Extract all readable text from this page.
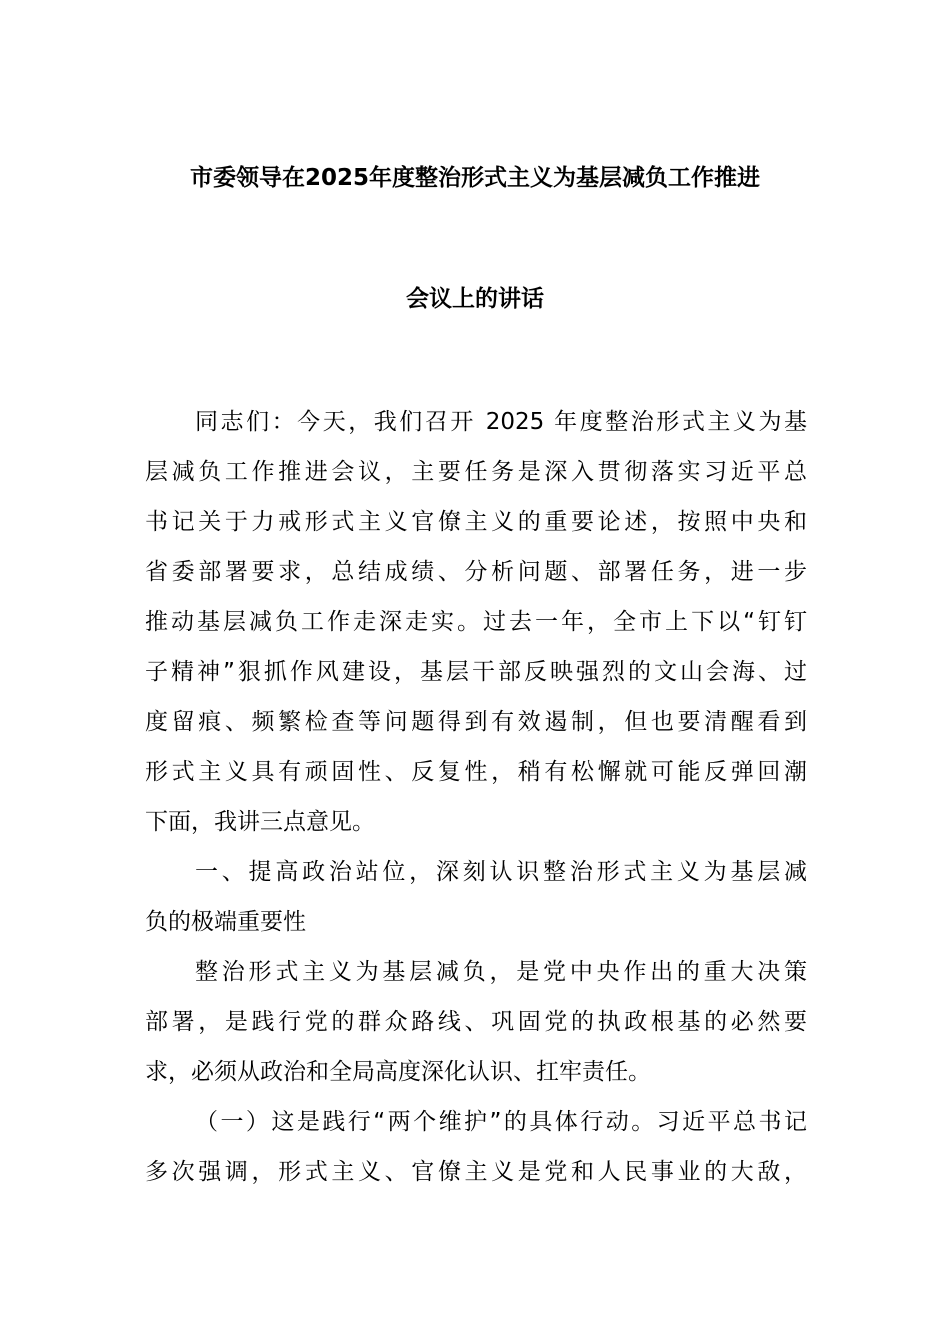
市委领导在2025年度整治形式主义为基层减负工作推进
会议上的讲话
同志们：今天，我们召开 2025 年度整治形式主义为基
层减负工作推进会议，主要任务是深入贯彻落实习近平总
书记关于力戒形式主义官僚主义的重要论述，按照中央和
省委部署要求，总结成绩、分析问题、部署任务，进一步
推动基层减负工作走深走实。过去一年，全市上下以“钉钉
子精神”狠抓作风建设，基层干部反映强烈的文山会海、过
度留痕、频繁检查等问题得到有效遏制，但也要清醒看到
形式主义具有顽固性、反复性，稍有松懈就可能反弹回潮
下面，我讲三点意见。
一、提高政治站位，深刻认识整治形式主义为基层减
负的极端重要性
整治形式主义为基层减负，是党中央作出的重大决策
部署，是践行党的群众路线、巩固党的执政根基的必然要
求，必须从政治和全局高度深化认识、扛牢责任。
（一）这是践行“两个维护”的具体行动。习近平总书记
多次强调，形式主义、官僚主义是党和人民事业的大敌，
